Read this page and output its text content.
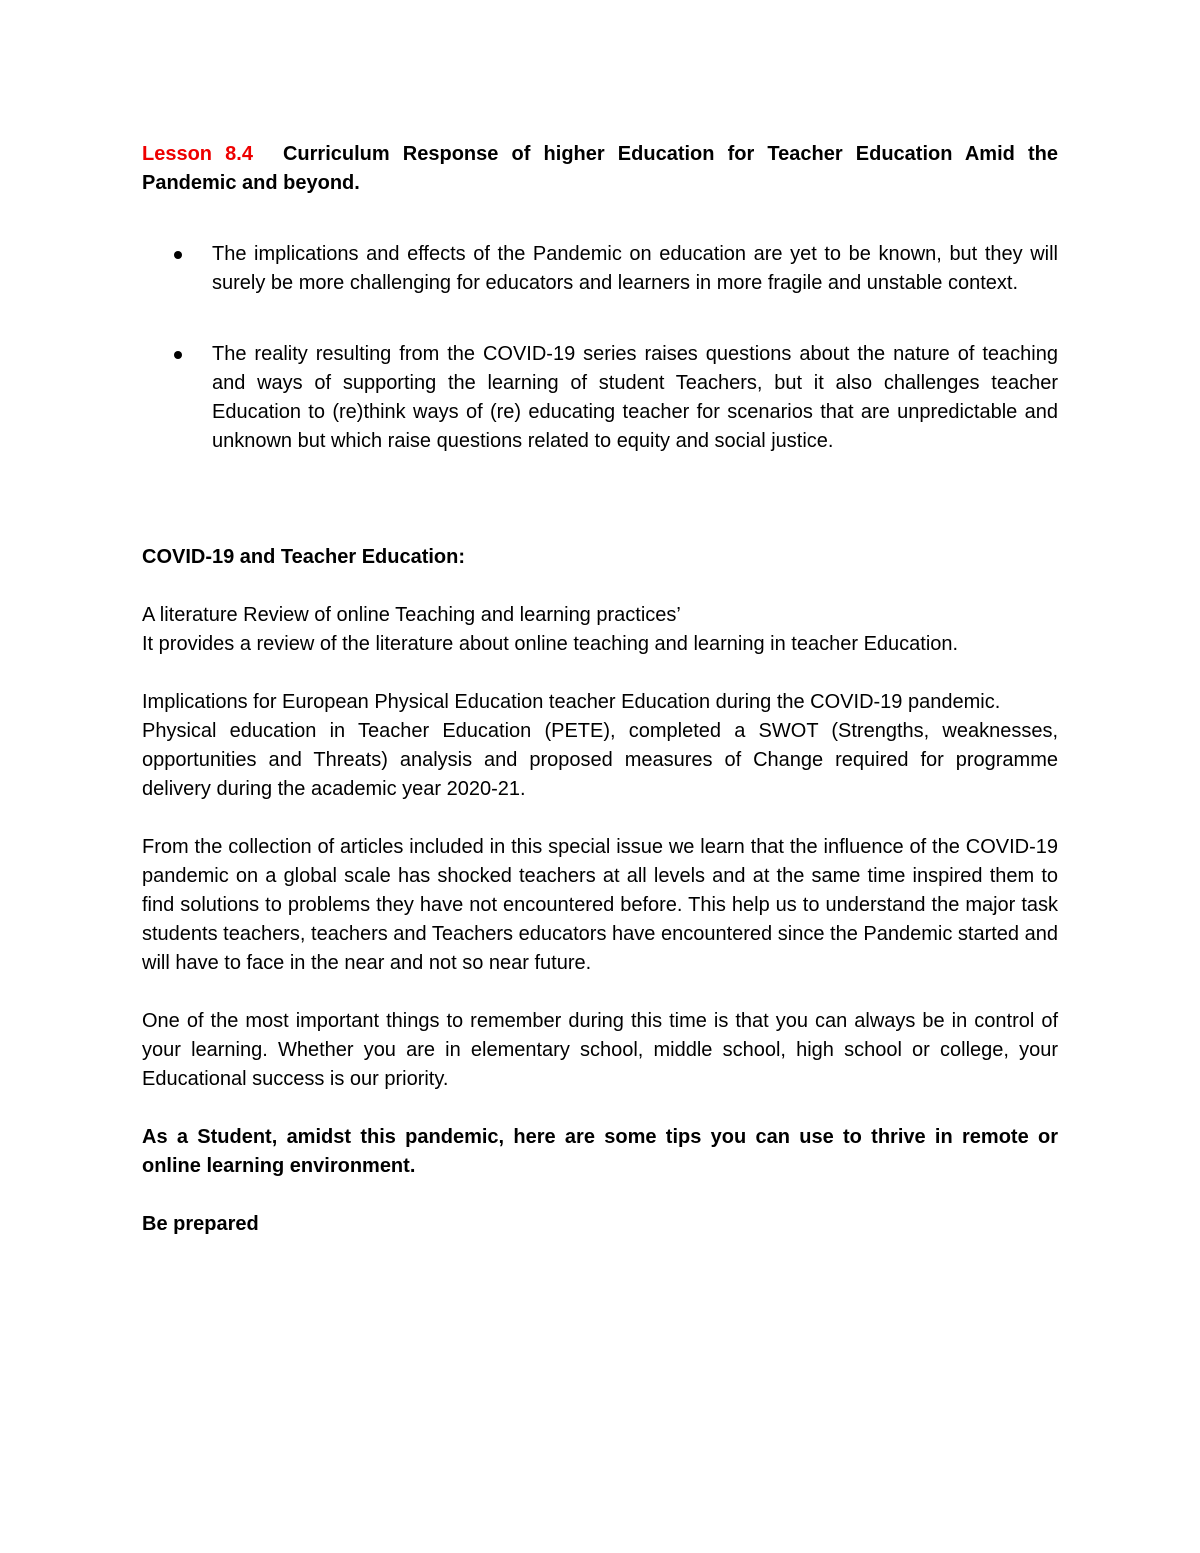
Lesson 8.4 Curriculum Response of higher Education for Teacher Education Amid the Pandemic and beyond.

The implications and effects of the Pandemic on education are yet to be known, but they will surely be more challenging for educators and learners in more fragile and unstable context.
The reality resulting from the COVID-19 series raises questions about the nature of teaching and ways of supporting the learning of student Teachers, but it also challenges teacher Education to (re)think ways of (re) educating teacher for scenarios that are unpredictable and unknown but which raise questions related to equity and social justice.

COVID-19 and Teacher Education:

A literature Review of online Teaching and learning practices’

It provides a review of the literature about online teaching and learning in teacher Education.

Implications for European Physical Education teacher Education during the COVID-19 pandemic.

Physical education in Teacher Education (PETE), completed a SWOT (Strengths, weaknesses, opportunities and Threats) analysis and proposed measures of Change required for programme delivery during the academic year 2020-21.

From the collection of articles included in this special issue we learn that the influence of the COVID-19 pandemic on a global scale has shocked teachers at all levels and at the same time inspired them to find solutions to problems they have not encountered before. This help us to understand the major task students teachers, teachers and Teachers educators have encountered since the Pandemic started and will have to face in the near and not so near future.

One of the most important things to remember during this time is that you can always be in control of your learning. Whether you are in elementary school, middle school, high school or college, your Educational success is our priority.

As a Student, amidst this pandemic, here are some tips you can use to thrive in remote or online learning environment.

Be prepared
